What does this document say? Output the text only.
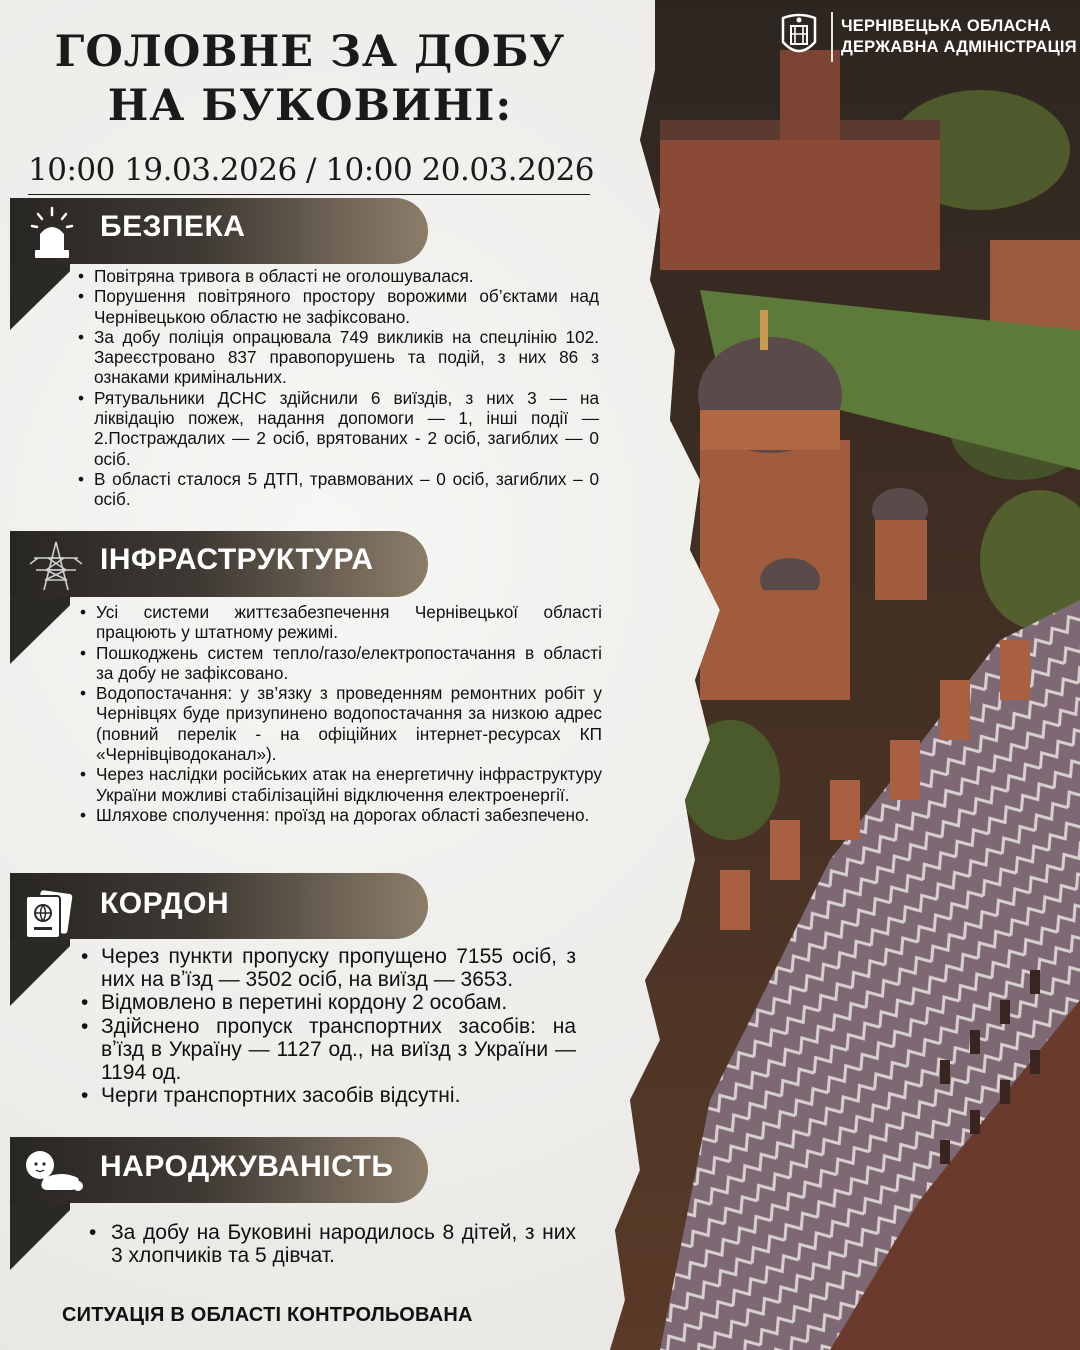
ЧЕРНІВЕЦЬКА ОБЛАСНА
ДЕРЖАВНА АДМІНІСТРАЦІЯ
ГОЛОВНЕ ЗА ДОБУ
НА БУКОВИНІ:
10:00 19.03.2026 / 10:00 20.03.2026
БЕЗПЕКА
• Повітряна тривога в області не оголошувалася.
• Порушення повітряного простору ворожими об’єктами над Чернівецькою областю не зафіксовано.
• За добу поліція опрацювала 749 викликів на спецлінію 102. Зареєстровано 837 правопорушень та подій, з них 86 з ознаками кримінальних.
• Рятувальники ДСНС здійснили 6 виїздів, з них 3 — на ліквідацію пожеж, надання допомоги — 1, інші події — 2.Постраждалих — 2 осіб, врятованих - 2 осіб, загиблих — 0 осіб.
• В області сталося 5 ДТП, травмованих – 0 осіб, загиблих – 0 осіб.
ІНФРАСТРУКТУРА
• Усі системи життєзабезпечення Чернівецької області працюють у штатному режимі.
• Пошкоджень систем тепло/газо/електропостачання в області за добу не зафіксовано.
• Водопостачання: у зв’язку з проведенням ремонтних робіт у Чернівцях буде призупинено водопостачання за низкою адрес (повний перелік - на офіційних інтернет-ресурсах КП «Чернівціводоканал»).
• Через наслідки російських атак на енергетичну інфраструктуру України можливі стабілізаційні відключення електроенергії.
• Шляхове сполучення: проїзд на дорогах області забезпечено.
КОРДОН
• Через пункти пропуску пропущено 7155 осіб, з них на вʼїзд — 3502 осіб, на виїзд — 3653.
• Відмовлено в перетині кордону 2 особам.
• Здійснено пропуск транспортних засобів: на вʼїзд в Україну — 1127 од., на виїзд з України — 1194 од.
• Черги транспортних засобів відсутні.
НАРОДЖУВАНІСТЬ
• За добу на Буковині народилось 8 дітей, з них 3 хлопчиків та 5 дівчат.
СИТУАЦІЯ В ОБЛАСТІ КОНТРОЛЬОВАНА
